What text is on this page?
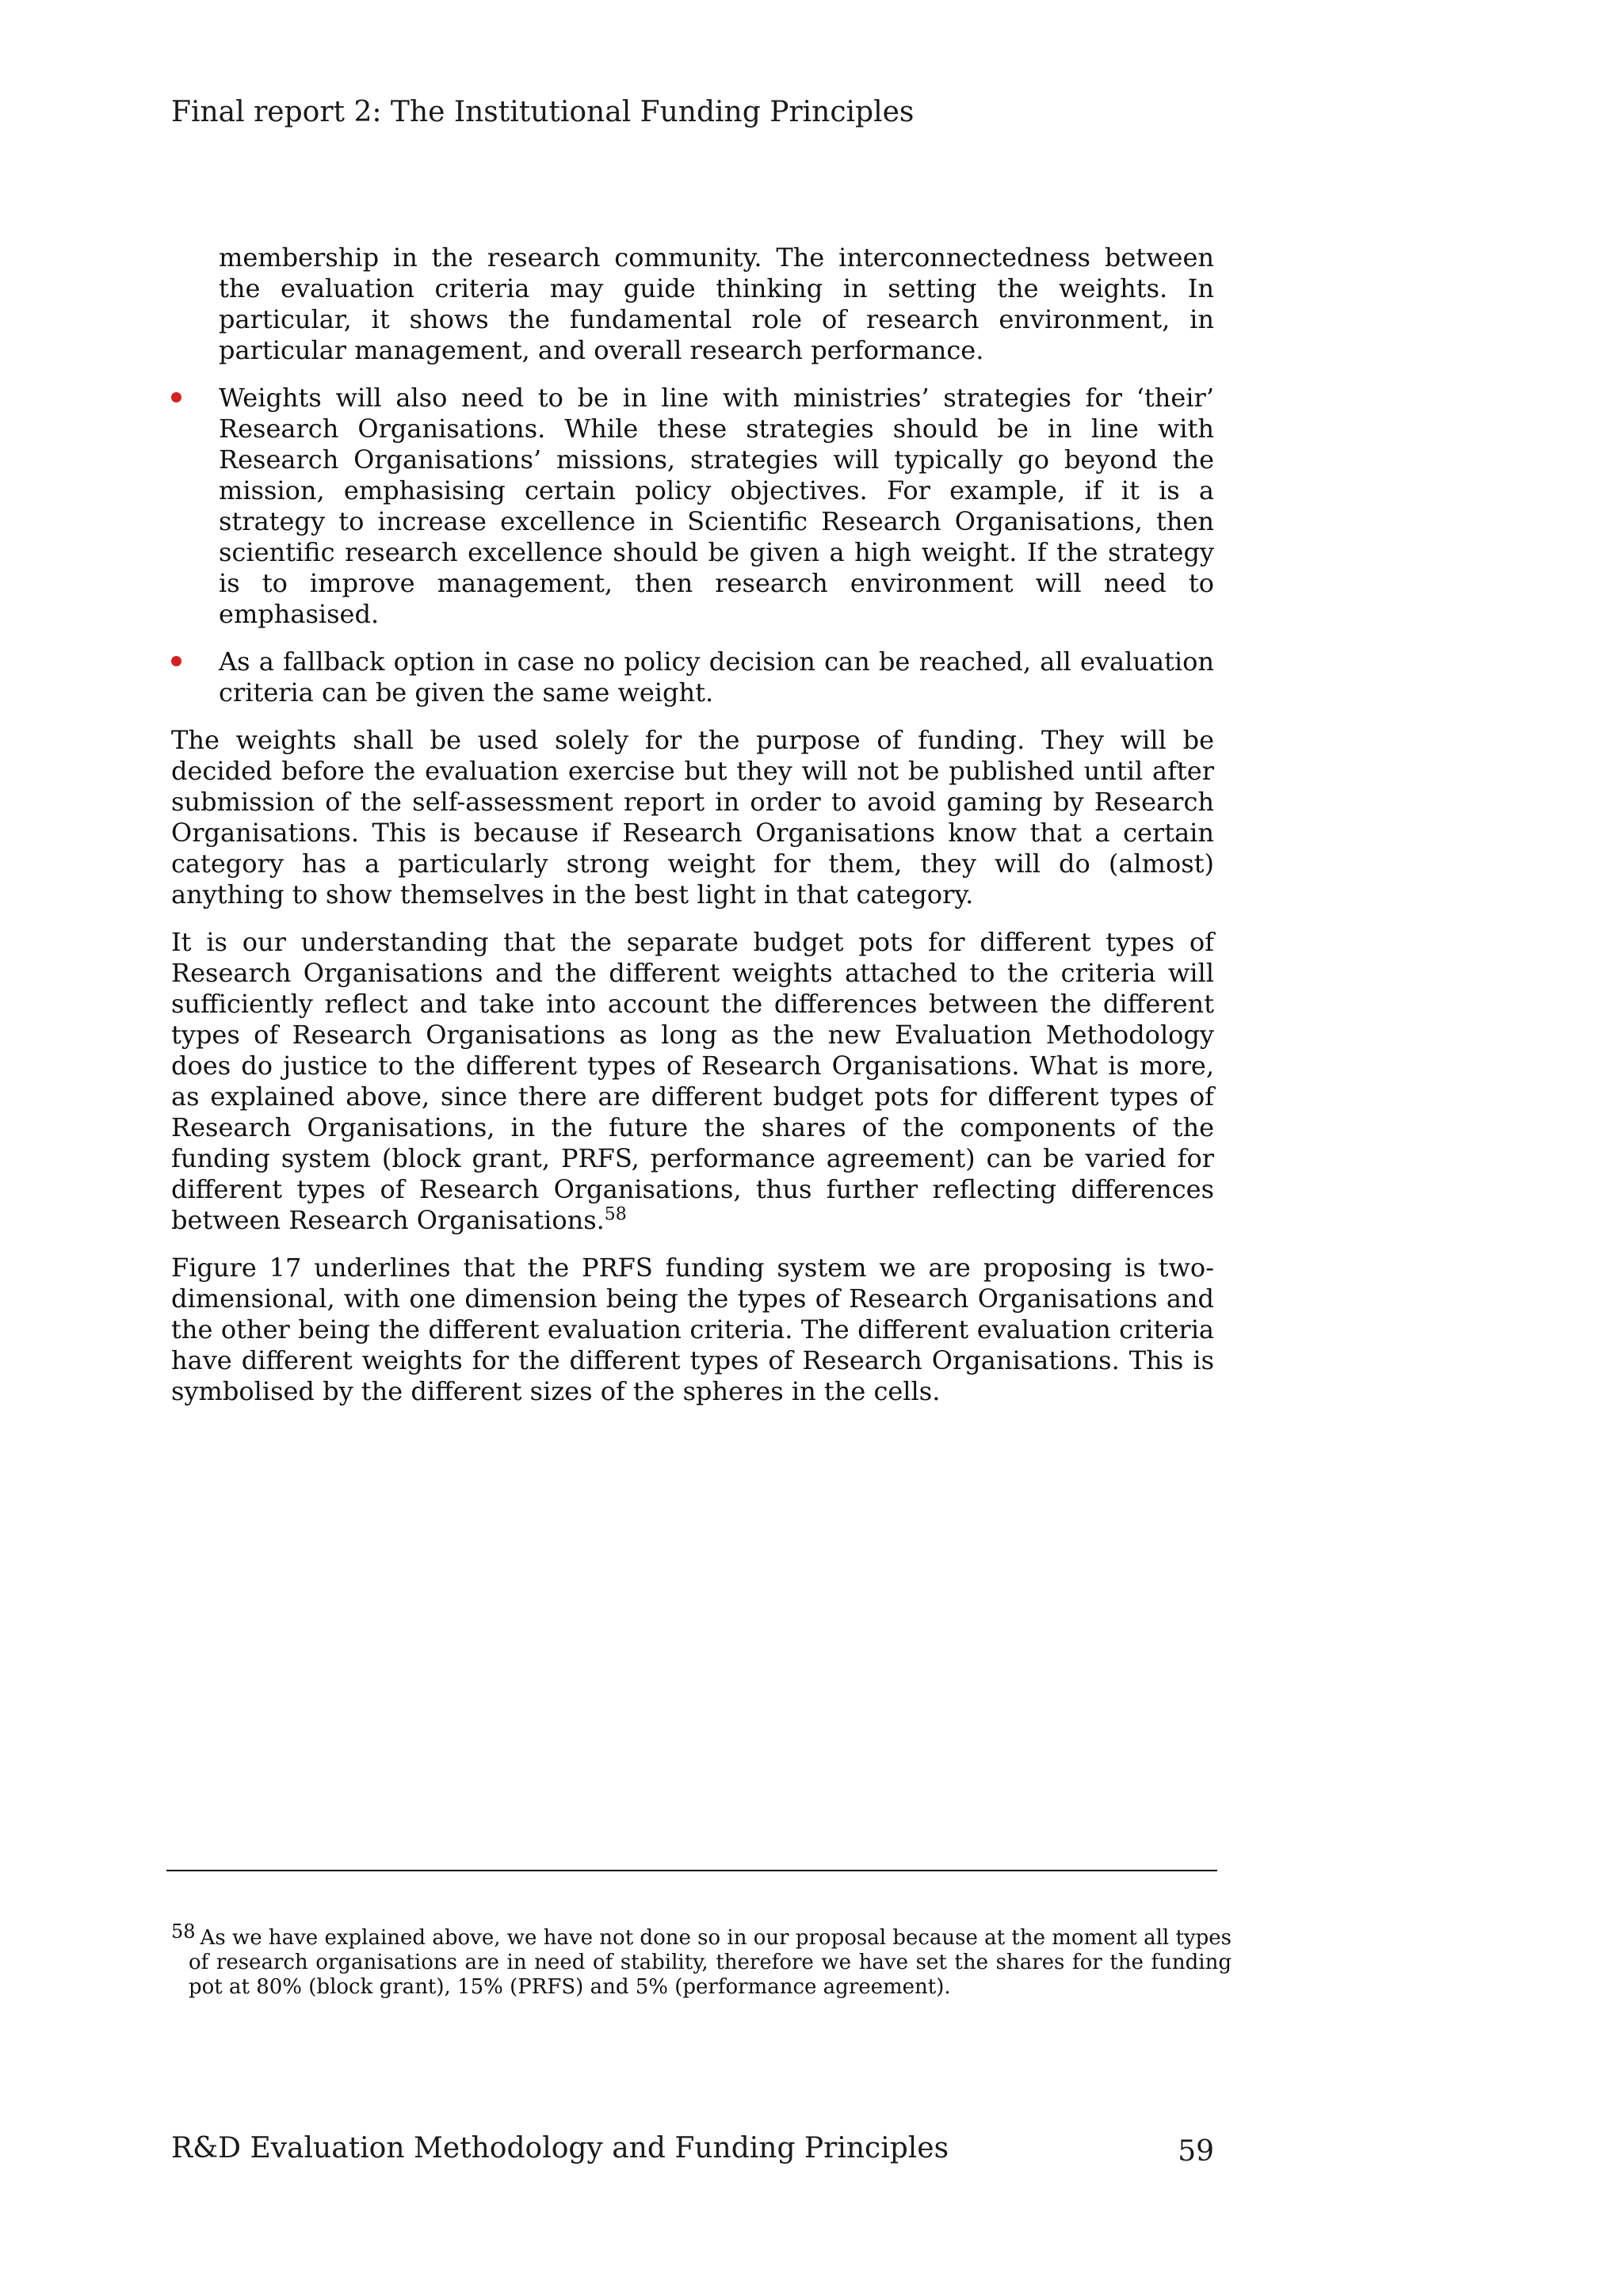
Final report 2: The Institutional Funding Principles

membership in the research community. The interconnectedness between the evaluation criteria may guide thinking in setting the weights. In particular, it shows the fundamental role of research environment, in particular management, and overall research performance.

Weights will also need to be in line with ministries’ strategies for ‘their’ Research Organisations. While these strategies should be in line with Research Organisations’ missions, strategies will typically go beyond the mission, emphasising certain policy objectives. For example, if it is a strategy to increase excellence in Scientific Research Organisations, then scientific research excellence should be given a high weight. If the strategy is to improve management, then research environment will need to emphasised.
As a fallback option in case no policy decision can be reached, all evaluation criteria can be given the same weight.

The weights shall be used solely for the purpose of funding. They will be decided before the evaluation exercise but they will not be published until after submission of the self-assessment report in order to avoid gaming by Research Organisations. This is because if Research Organisations know that a certain category has a particularly strong weight for them, they will do (almost) anything to show themselves in the best light in that category.

It is our understanding that the separate budget pots for different types of Research Organisations and the different weights attached to the criteria will sufficiently reflect and take into account the differences between the different types of Research Organisations as long as the new Evaluation Methodology does do justice to the different types of Research Organisations. What is more, as explained above, since there are different budget pots for different types of Research Organisations, in the future the shares of the components of the funding system (block grant, PRFS, performance agreement) can be varied for different types of Research Organisations, thus further reflecting differences between Research Organisations.$^{58}$

Figure 17 underlines that the PRFS funding system we are proposing is two-dimensional, with one dimension being the types of Research Organisations and the other being the different evaluation criteria. The different evaluation criteria have different weights for the different types of Research Organisations. This is symbolised by the different sizes of the spheres in the cells.

58 As we have explained above, we have not done so in our proposal because at the moment all types of research organisations are in need of stability, therefore we have set the shares for the funding pot at 80% (block grant), 15% (PRFS) and 5% (performance agreement).
R&D Evaluation Methodology and Funding Principles	59
